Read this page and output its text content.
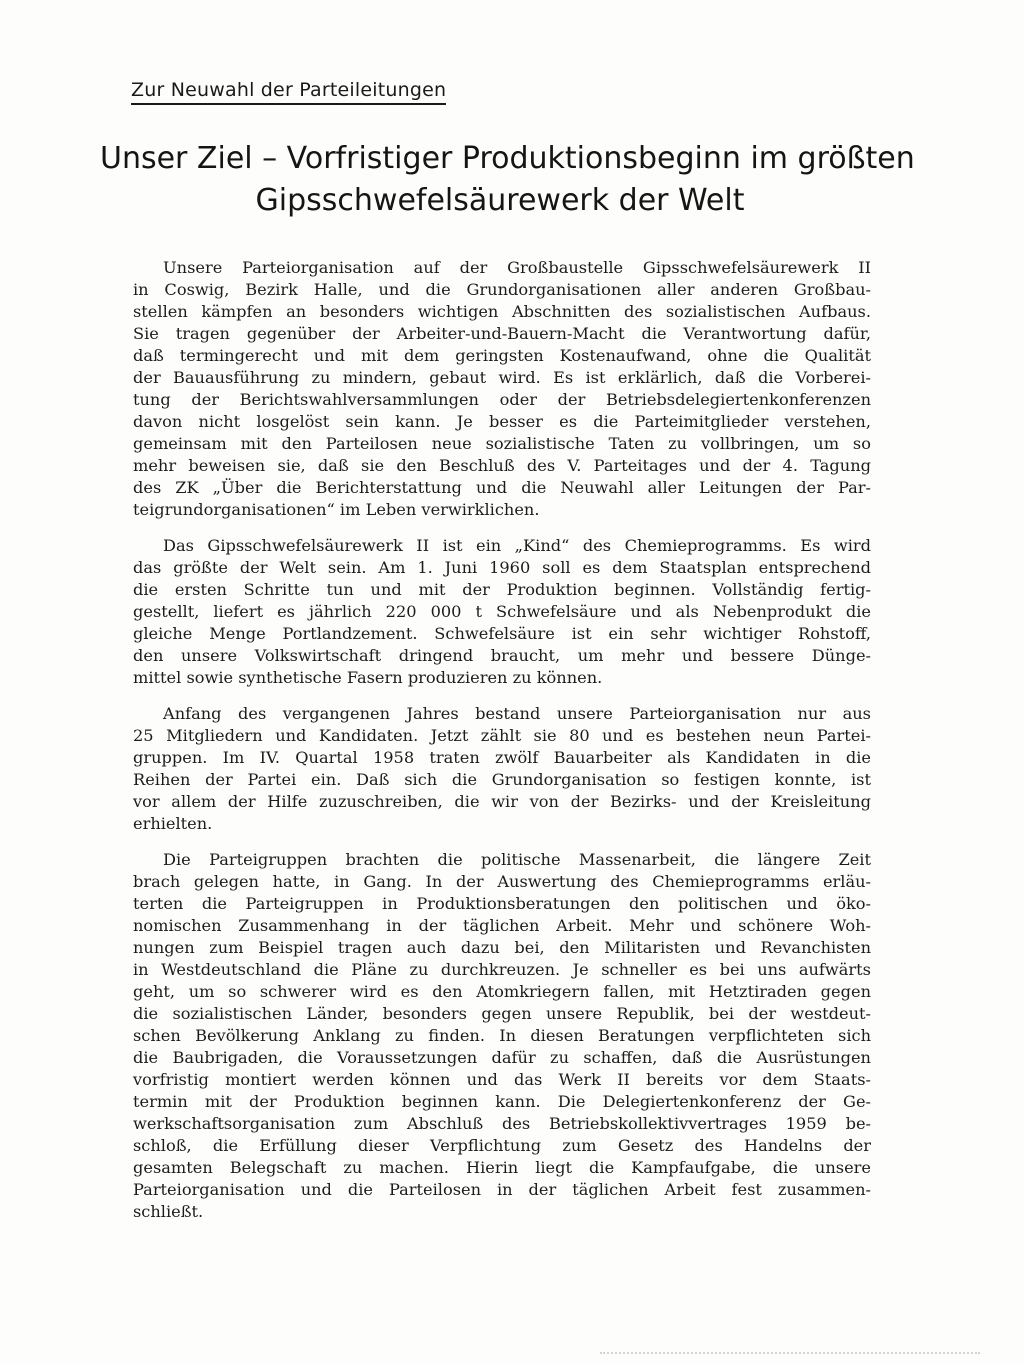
Zur Neuwahl der Parteileitungen
Unser Ziel – Vorfristiger Produktionsbeginn im größten
Gipsschwefelsäurewerk der Welt
Unsere Parteiorganisation auf der Großbaustelle Gipsschwefelsäurewerk II
in Coswig, Bezirk Halle, und die Grundorganisationen aller anderen Großbau-
stellen kämpfen an besonders wichtigen Abschnitten des sozialistischen Aufbaus.
Sie tragen gegenüber der Arbeiter-und-Bauern-Macht die Verantwortung dafür,
daß termingerecht und mit dem geringsten Kostenaufwand, ohne die Qualität
der Bauausführung zu mindern, gebaut wird. Es ist erklärlich, daß die Vorberei-
tung der Berichtswahlversammlungen oder der Betriebsdelegiertenkonferenzen
davon nicht losgelöst sein kann. Je besser es die Parteimitglieder verstehen,
gemeinsam mit den Parteilosen neue sozialistische Taten zu vollbringen, um so
mehr beweisen sie, daß sie den Beschluß des V. Parteitages und der 4. Tagung
des ZK „Über die Berichterstattung und die Neuwahl aller Leitungen der Par-
teigrundorganisationen“ im Leben verwirklichen.
Das Gipsschwefelsäurewerk II ist ein „Kind“ des Chemieprogramms. Es wird
das größte der Welt sein. Am 1. Juni 1960 soll es dem Staatsplan entsprechend
die ersten Schritte tun und mit der Produktion beginnen. Vollständig fertig-
gestellt, liefert es jährlich 220 000 t Schwefelsäure und als Nebenprodukt die
gleiche Menge Portlandzement. Schwefelsäure ist ein sehr wichtiger Rohstoff,
den unsere Volkswirtschaft dringend braucht, um mehr und bessere Dünge-
mittel sowie synthetische Fasern produzieren zu können.
Anfang des vergangenen Jahres bestand unsere Parteiorganisation nur aus
25 Mitgliedern und Kandidaten. Jetzt zählt sie 80 und es bestehen neun Partei-
gruppen. Im IV. Quartal 1958 traten zwölf Bauarbeiter als Kandidaten in die
Reihen der Partei ein. Daß sich die Grundorganisation so festigen konnte, ist
vor allem der Hilfe zuzuschreiben, die wir von der Bezirks- und der Kreisleitung
erhielten.
Die Parteigruppen brachten die politische Massenarbeit, die längere Zeit
brach gelegen hatte, in Gang. In der Auswertung des Chemieprogramms erläu-
terten die Parteigruppen in Produktionsberatungen den politischen und öko-
nomischen Zusammenhang in der täglichen Arbeit. Mehr und schönere Woh-
nungen zum Beispiel tragen auch dazu bei, den Militaristen und Revanchisten
in Westdeutschland die Pläne zu durchkreuzen. Je schneller es bei uns aufwärts
geht, um so schwerer wird es den Atomkriegern fallen, mit Hetztiraden gegen
die sozialistischen Länder, besonders gegen unsere Republik, bei der westdeut-
schen Bevölkerung Anklang zu finden. In diesen Beratungen verpflichteten sich
die Baubrigaden, die Voraussetzungen dafür zu schaffen, daß die Ausrüstungen
vorfristig montiert werden können und das Werk II bereits vor dem Staats-
termin mit der Produktion beginnen kann. Die Delegiertenkonferenz der Ge-
werkschaftsorganisation zum Abschluß des Betriebskollektivvertrages 1959 be-
schloß, die Erfüllung dieser Verpflichtung zum Gesetz des Handelns der
gesamten Belegschaft zu machen. Hierin liegt die Kampfaufgabe, die unsere
Parteiorganisation und die Parteilosen in der täglichen Arbeit fest zusammen-
schließt.
